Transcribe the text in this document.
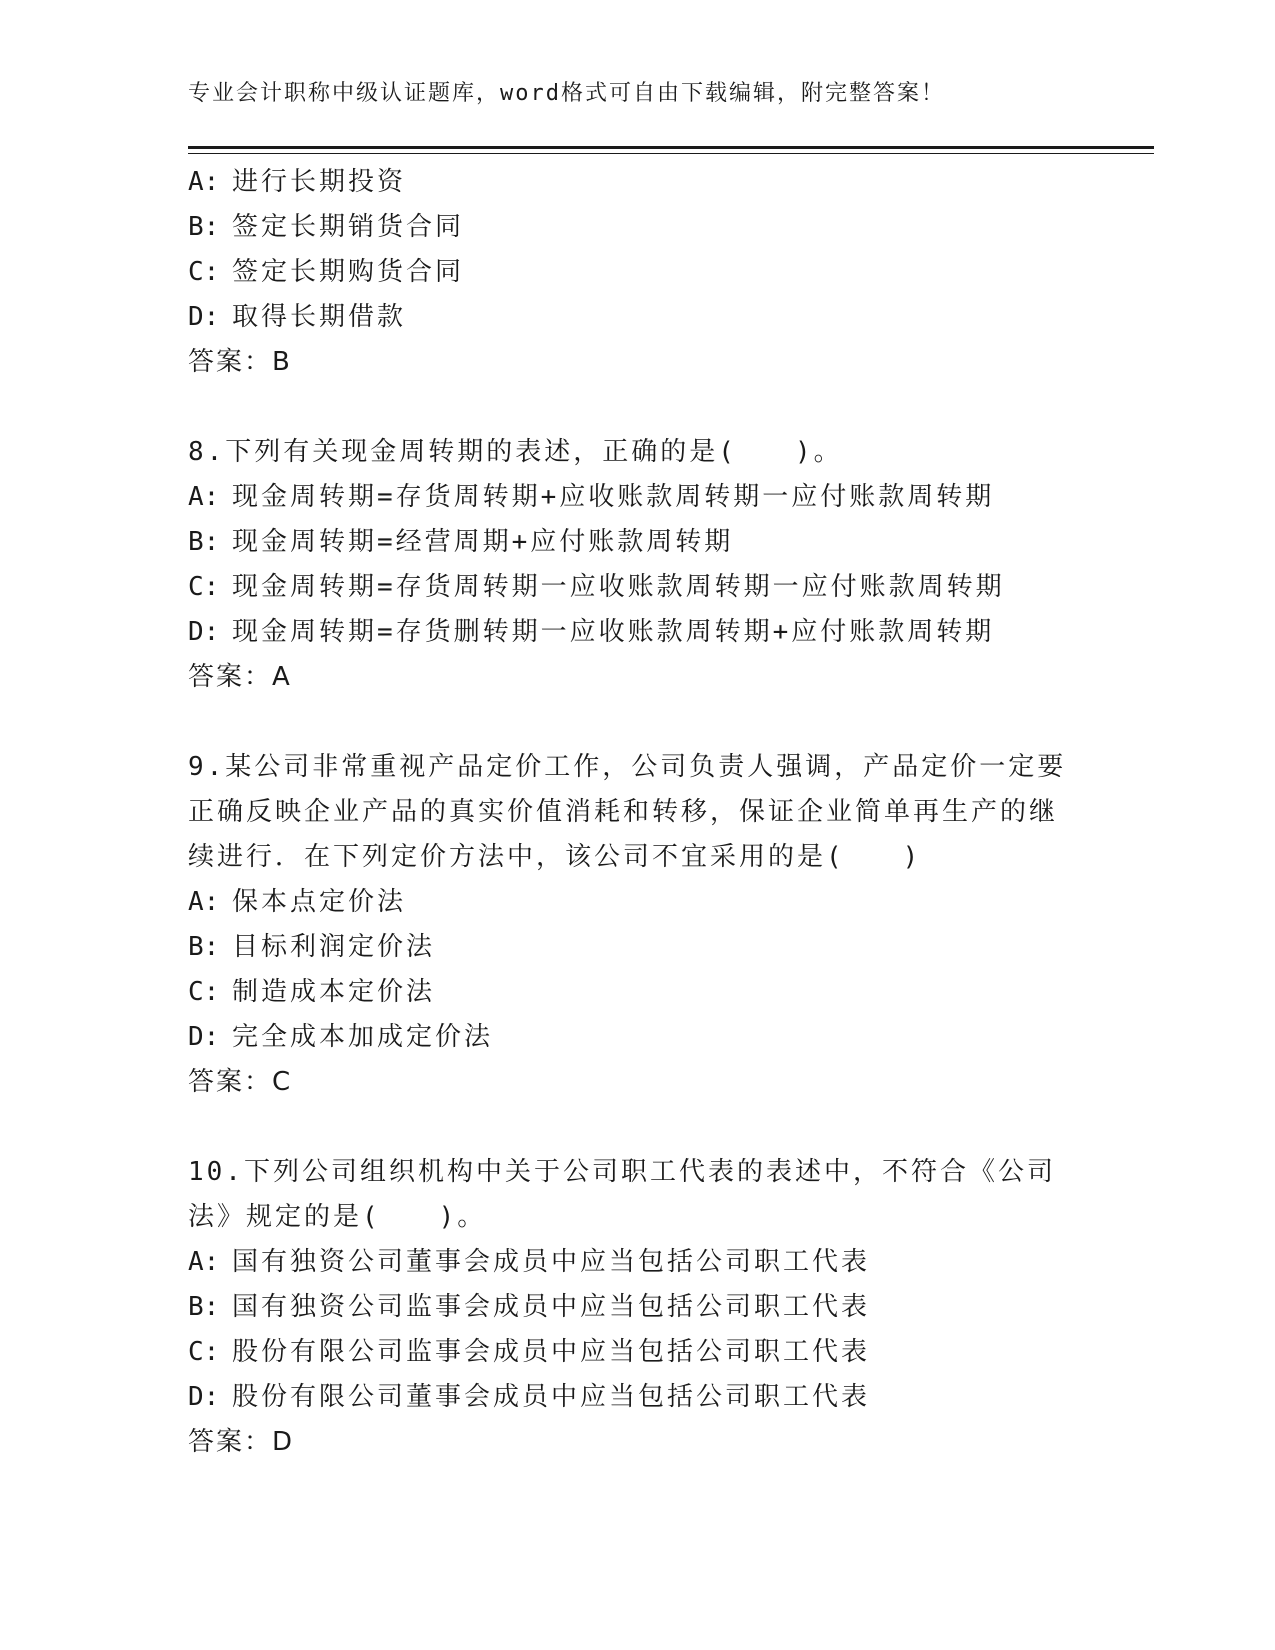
专业会计职称中级认证题库，word格式可自由下载编辑，附完整答案！
A: 进行长期投资
B: 签定长期销货合同
C: 签定长期购货合同
D: 取得长期借款
答案：B
8.下列有关现金周转期的表述，正确的是(　　)。
A: 现金周转期=存货周转期+应收账款周转期一应付账款周转期
B: 现金周转期=经营周期+应付账款周转期
C: 现金周转期=存货周转期一应收账款周转期一应付账款周转期
D: 现金周转期=存货删转期一应收账款周转期+应付账款周转期
答案：A
9.某公司非常重视产品定价工作，公司负责人强调，产品定价一定要正确反映企业产品的真实价值消耗和转移，保证企业简单再生产的继续进行．在下列定价方法中，该公司不宜采用的是(　　)
A: 保本点定价法
B: 目标利润定价法
C: 制造成本定价法
D: 完全成本加成定价法
答案：C
10.下列公司组织机构中关于公司职工代表的表述中，不符合《公司法》规定的是(　　)。
A: 国有独资公司董事会成员中应当包括公司职工代表
B: 国有独资公司监事会成员中应当包括公司职工代表
C: 股份有限公司监事会成员中应当包括公司职工代表
D: 股份有限公司董事会成员中应当包括公司职工代表
答案：D
